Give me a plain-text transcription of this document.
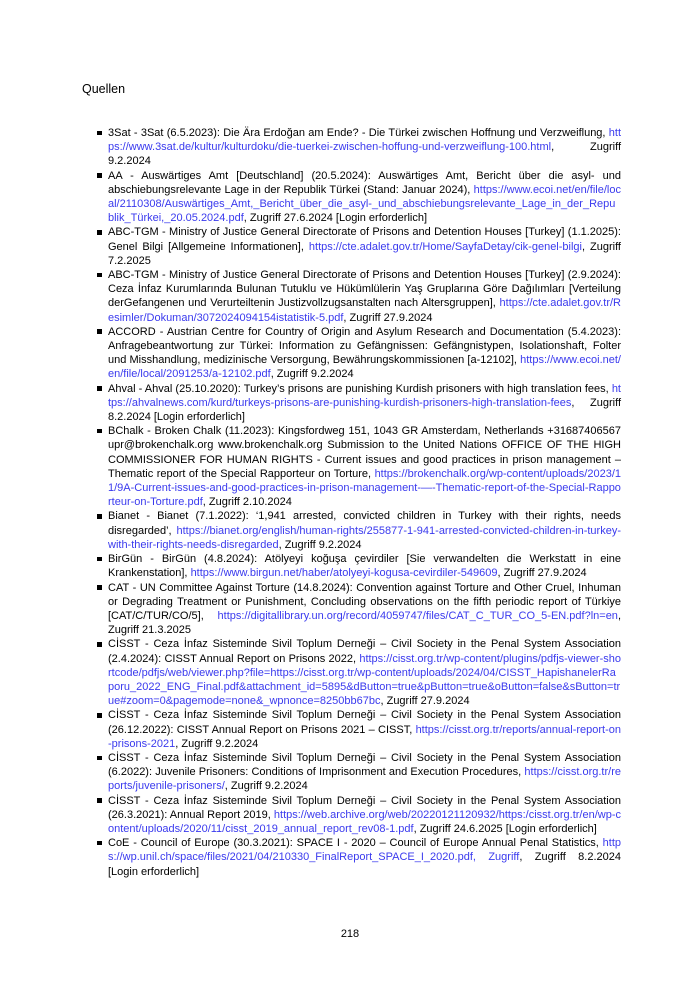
Quellen
3Sat - 3Sat (6.5.2023): Die Ära Erdoğan am Ende? - Die Türkei zwischen Hoffnung und Verzweiflung, https://www.3sat.de/kultur/kulturdoku/die-tuerkei-zwischen-hoffung-und-verzweiflung-100.html, Zugriff 9.2.2024
AA - Auswärtiges Amt [Deutschland] (20.5.2024): Auswärtiges Amt, Bericht über die asyl- und abschiebungsrelevante Lage in der Republik Türkei (Stand: Januar 2024), https://www.ecoi.net/en/file/local/2110308/Auswärtiges_Amt,_Bericht_über_die_asyl-_und_abschiebungsrelevante_Lage_in_der_Republik_Türkei,_20.05.2024.pdf, Zugriff 27.6.2024 [Login erforderlich]
ABC-TGM - Ministry of Justice General Directorate of Prisons and Detention Houses [Turkey] (1.1.2025): Genel Bilgi [Allgemeine Informationen], https://cte.adalet.gov.tr/Home/SayfaDetay/cik-genel-bilgi, Zugriff 7.2.2025
ABC-TGM - Ministry of Justice General Directorate of Prisons and Detention Houses [Turkey] (2.9.2024): Ceza İnfaz Kurumlarında Bulunan Tutuklu ve Hükümlülerin Yaş Gruplarına Göre Dağılımları [Verteilung derGefangenen und Verurteiltenin Justizvollzugsanstalten nach Altersgruppen], https://cte.adalet.gov.tr/Resimler/Dokuman/3072024094154istatistik-5.pdf, Zugriff 27.9.2024
ACCORD - Austrian Centre for Country of Origin and Asylum Research and Documentation (5.4.2023): Anfragebeantwortung zur Türkei: Information zu Gefängnissen: Gefängnistypen, Isolationshaft, Folter und Misshandlung, medizinische Versorgung, Bewährungskommissionen [a-12102], https://www.ecoi.net/en/file/local/2091253/a-12102.pdf, Zugriff 9.2.2024
Ahval - Ahval (25.10.2020): Turkey’s prisons are punishing Kurdish prisoners with high translation fees, https://ahvalnews.com/kurd/turkeys-prisons-are-punishing-kurdish-prisoners-high-translation-fees, Zugriff 8.2.2024 [Login erforderlich]
BChalk - Broken Chalk (11.2023): Kingsfordweg 151, 1043 GR Amsterdam, Netherlands +31687406567 upr@brokenchalk.org www.brokenchalk.org Submission to the United Nations OFFICE OF THE HIGH COMMISSIONER FOR HUMAN RIGHTS - Current issues and good practices in prison management – Thematic report of the Special Rapporteur on Torture, https://brokenchalk.org/wp-content/uploads/2023/11/9A-Current-issues-and-good-practices-in-prison-management-—-Thematic-report-of-the-Special-Rapporteur-on-Torture.pdf, Zugriff 2.10.2024
Bianet - Bianet (7.1.2022): ‘1,941 arrested, convicted children in Turkey with their rights, needs disregarded’, https://bianet.org/english/human-rights/255877-1-941-arrested-convicted-children-in-turkey-with-their-rights-needs-disregarded, Zugriff 9.2.2024
BirGün - BirGün (4.8.2024): Atölyeyi koğuşa çevirdiler [Sie verwandelten die Werkstatt in eine Krankenstation], https://www.birgun.net/haber/atolyeyi-kogusa-cevirdiler-549609, Zugriff 27.9.2024
CAT - UN Committee Against Torture (14.8.2024): Convention against Torture and Other Cruel, Inhuman or Degrading Treatment or Punishment, Concluding observations on the fifth periodic report of Türkiye [CAT/C/TUR/CO/5], https://digitallibrary.un.org/record/4059747/files/CAT_C_TUR_CO_5-EN.pdf?ln=en, Zugriff 21.3.2025
CİSST - Ceza İnfaz Sisteminde Sivil Toplum Derneği – Civil Society in the Penal System Association (2.4.2024): CISST Annual Report on Prisons 2022, https://cisst.org.tr/wp-content/plugins/pdfjs-viewer-shortcode/pdfjs/web/viewer.php?file=https://cisst.org.tr/wp-content/uploads/2024/04/CISST_HapishanelerRaporu_2022_ENG_Final.pdf&attachment_id=5895&dButton=true&pButton=true&oButton=false&sButton=true#zoom=0&pagemode=none&_wpnonce=8250bb67bc, Zugriff 27.9.2024
CİSST - Ceza İnfaz Sisteminde Sivil Toplum Derneği – Civil Society in the Penal System Association (26.12.2022): CISST Annual Report on Prisons 2021 – CISST, https://cisst.org.tr/reports/annual-report-on-prisons-2021, Zugriff 9.2.2024
CİSST - Ceza İnfaz Sisteminde Sivil Toplum Derneği – Civil Society in the Penal System Association (6.2022): Juvenile Prisoners: Conditions of Imprisonment and Execution Procedures, https://cisst.org.tr/reports/juvenile-prisoners/, Zugriff 9.2.2024
CİSST - Ceza İnfaz Sisteminde Sivil Toplum Derneği – Civil Society in the Penal System Association (26.3.2021): Annual Report 2019, https://web.archive.org/web/20220121120932/https:/cisst.org.tr/en/wp-content/uploads/2020/11/cisst_2019_annual_report_rev08-1.pdf, Zugriff 24.6.2025 [Login erforderlich]
CoE - Council of Europe (30.3.2021): SPACE I - 2020 – Council of Europe Annual Penal Statistics, https://wp.unil.ch/space/files/2021/04/210330_FinalReport_SPACE_I_2020.pdf, Zugriff, Zugriff 8.2.2024 [Login erforderlich]
218
